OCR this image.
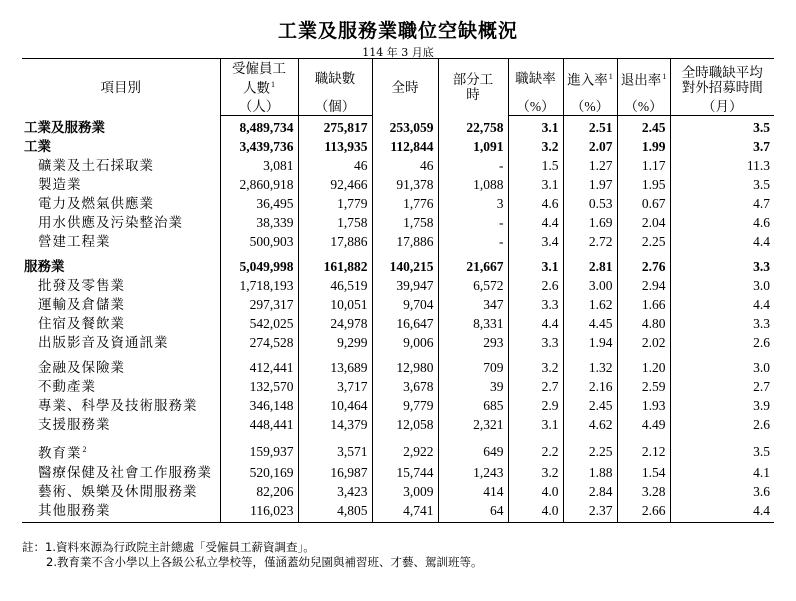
工業及服務業職位空缺概況
114 年 3 月底
項目別	受僱員工人數$^1$	職缺數	全時	部分工時	職缺率	進入率$^1$	退出率$^1$	全時職缺平均對外招募時間
	（人）	（個）			（%）	（%）	（%）	（月）
工業及服務業	8,489,734	275,817	253,059	22,758	3.1	2.51	2.45	3.5
工業	3,439,736	113,935	112,844	1,091	3.2	2.07	1.99	3.7
礦業及土石採取業	3,081	46	46	-	1.5	1.27	1.17	11.3
製造業	2,860,918	92,466	91,378	1,088	3.1	1.97	1.95	3.5
電力及燃氣供應業	36,495	1,779	1,776	3	4.6	0.53	0.67	4.7
用水供應及污染整治業	38,339	1,758	1,758	-	4.4	1.69	2.04	4.6
營建工程業	500,903	17,886	17,886	-	3.4	2.72	2.25	4.4
服務業	5,049,998	161,882	140,215	21,667	3.1	2.81	2.76	3.3
批發及零售業	1,718,193	46,519	39,947	6,572	2.6	3.00	2.94	3.0
運輸及倉儲業	297,317	10,051	9,704	347	3.3	1.62	1.66	4.4
住宿及餐飲業	542,025	24,978	16,647	8,331	4.4	4.45	4.80	3.3
出版影音及資通訊業	274,528	9,299	9,006	293	3.3	1.94	2.02	2.6
金融及保險業	412,441	13,689	12,980	709	3.2	1.32	1.20	3.0
不動產業	132,570	3,717	3,678	39	2.7	2.16	2.59	2.7
專業、科學及技術服務業	346,148	10,464	9,779	685	2.9	2.45	1.93	3.9
支援服務業	448,441	14,379	12,058	2,321	3.1	4.62	4.49	2.6
教育業$^2$	159,937	3,571	2,922	649	2.2	2.25	2.12	3.5
醫療保健及社會工作服務業	520,169	16,987	15,744	1,243	3.2	1.88	1.54	4.1
藝術、娛樂及休閒服務業	82,206	3,423	3,009	414	4.0	2.84	3.28	3.6
其他服務業	116,023	4,805	4,741	64	4.0	2.37	2.66	4.4
註：1.資料來源為行政院主計總處「受僱員工薪資調查」。
2.教育業不含小學以上各級公私立學校等，僅涵蓋幼兒園與補習班、才藝、駕訓班等。
